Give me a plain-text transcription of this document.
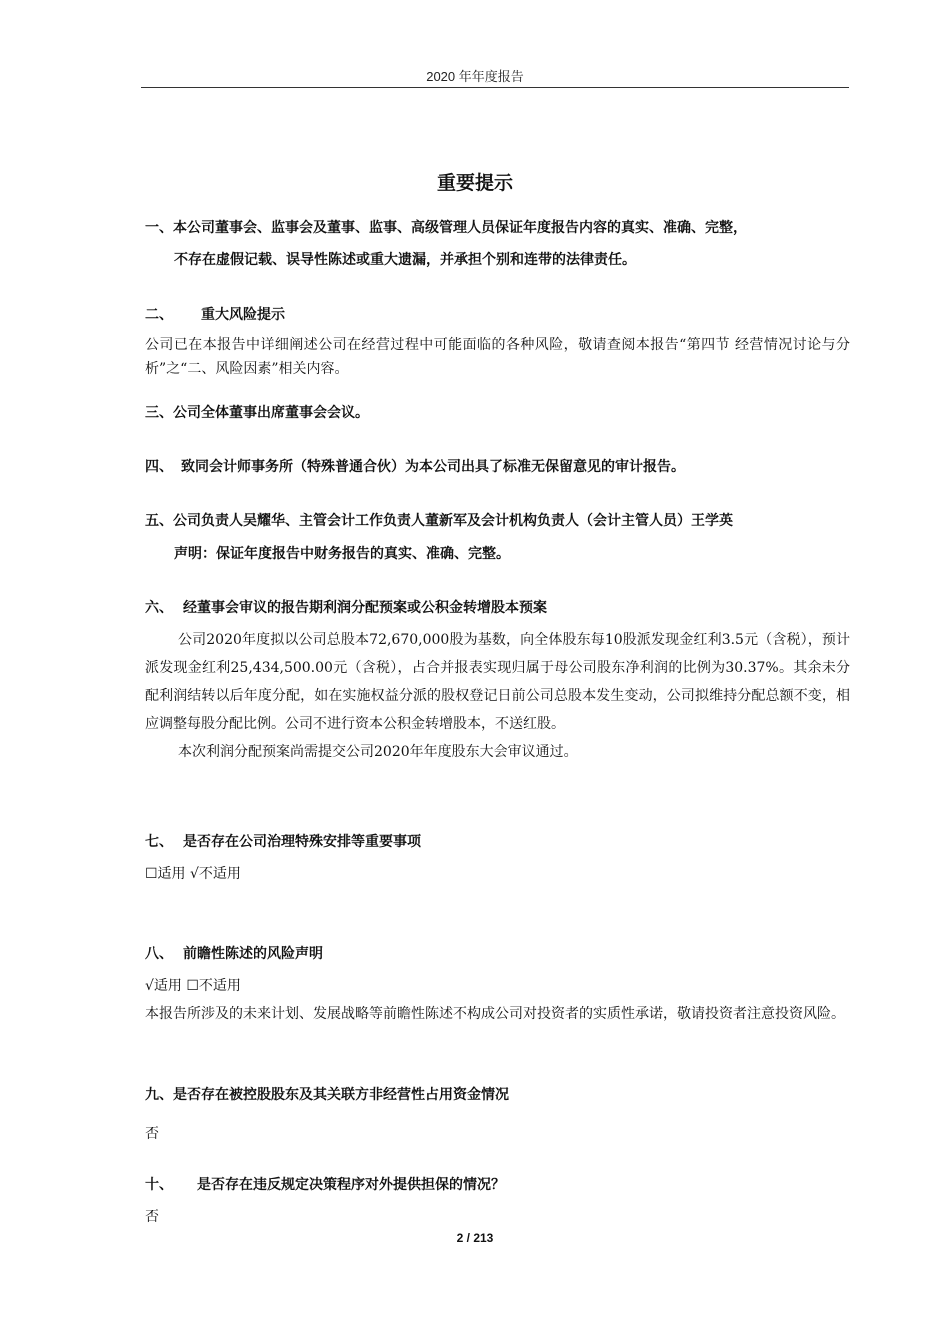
2020 年年度报告
重要提示
一、本公司董事会、监事会及董事、监事、高级管理人员保证年度报告内容的真实、准确、完整，
不存在虚假记载、误导性陈述或重大遗漏，并承担个别和连带的法律责任。
二、 重大风险提示
公司已在本报告中详细阐述公司在经营过程中可能面临的各种风险，敬请查阅本报告“第四节 经营情况讨论与分析”之“二、风险因素”相关内容。
三、公司全体董事出席董事会会议。
四、 致同会计师事务所（特殊普通合伙）为本公司出具了标准无保留意见的审计报告。
五、公司负责人吴耀华、主管会计工作负责人董新军及会计机构负责人（会计主管人员）王学英
声明：保证年度报告中财务报告的真实、准确、完整。
六、 经董事会审议的报告期利润分配预案或公积金转增股本预案
公司2020年度拟以公司总股本72,670,000股为基数，向全体股东每10股派发现金红利3.5元（含税），预计派发现金红利25,434,500.00元（含税），占合并报表实现归属于母公司股东净利润的比例为30.37%。其余未分配利润结转以后年度分配，如在实施权益分派的股权登记日前公司总股本发生变动，公司拟维持分配总额不变，相应调整每股分配比例。公司不进行资本公积金转增股本，不送红股。
本次利润分配预案尚需提交公司2020年年度股东大会审议通过。
七、 是否存在公司治理特殊安排等重要事项
☐适用 √不适用
八、 前瞻性陈述的风险声明
√适用 ☐不适用
本报告所涉及的未来计划、发展战略等前瞻性陈述不构成公司对投资者的实质性承诺，敬请投资者注意投资风险。
九、是否存在被控股股东及其关联方非经营性占用资金情况
否
十、 是否存在违反规定决策程序对外提供担保的情况？
否
2 / 213
